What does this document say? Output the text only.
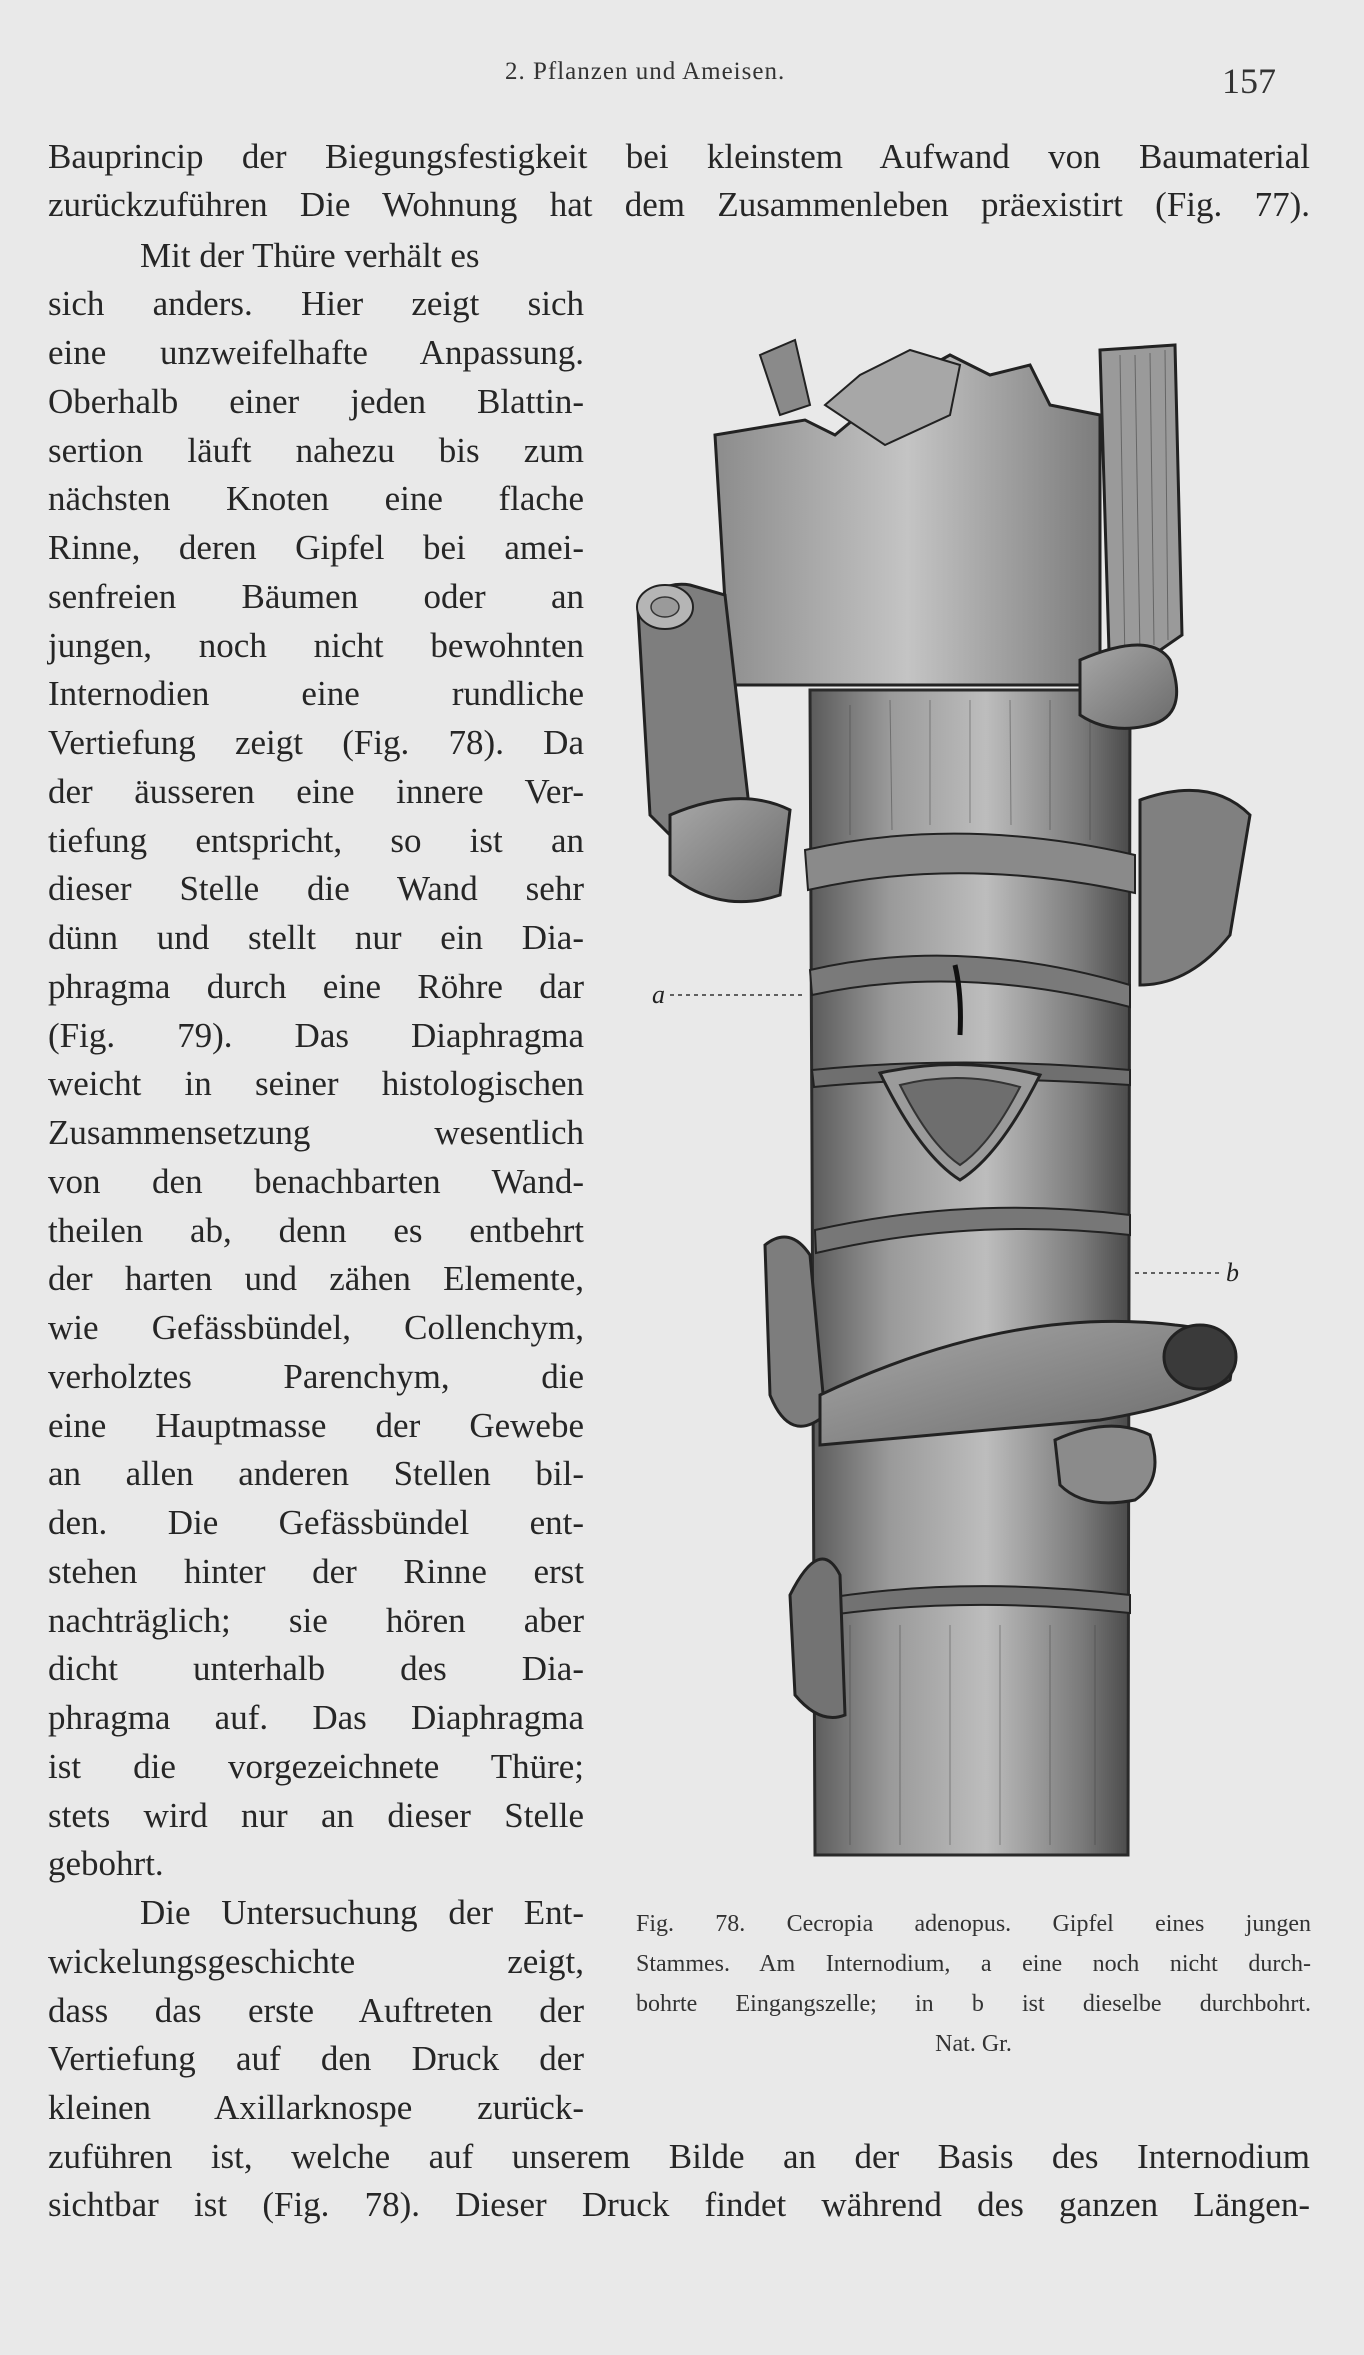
2. Pflanzen und Ameisen.	157
Bauprincip der Biegungsfestigkeit bei kleinstem Aufwand von Baumaterial
zurückzuführen Die Wohnung hat dem Zusammenleben präexistirt (Fig. 77).
Mit der Thüre verhält es
sich anders. Hier zeigt sich
eine unzweifelhafte Anpassung.
Oberhalb einer jeden Blattin-
sertion läuft nahezu bis zum
nächsten Knoten eine flache
Rinne, deren Gipfel bei amei-
senfreien Bäumen oder an
jungen, noch nicht bewohnten
Internodien eine rundliche
Vertiefung zeigt (Fig. 78). Da
der äusseren eine innere Ver-
tiefung entspricht, so ist an
dieser Stelle die Wand sehr
dünn und stellt nur ein Dia-
phragma durch eine Röhre dar
(Fig. 79). Das Diaphragma
weicht in seiner histologischen
Zusammensetzung wesentlich
von den benachbarten Wand-
theilen ab, denn es entbehrt
der harten und zähen Elemente,
wie Gefässbündel, Collenchym,
verholztes Parenchym, die
eine Hauptmasse der Gewebe
an allen anderen Stellen bil-
den. Die Gefässbündel ent-
stehen hinter der Rinne erst
nachträglich; sie hören aber
dicht unterhalb des Dia-
phragma auf. Das Diaphragma
ist die vorgezeichnete Thüre;
stets wird nur an dieser Stelle
gebohrt.
Die Untersuchung der Ent-
wickelungsgeschichte zeigt,
dass das erste Auftreten der
Vertiefung auf den Druck der
kleinen Axillarknospe zurück-
zuführen ist, welche auf unserem Bilde an der Basis des Internodium
sichtbar ist (Fig. 78). Dieser Druck findet während des ganzen Längen-
a
b
Fig. 78. Cecropia adenopus. Gipfel eines jungen
Stammes. Am Internodium, a eine noch nicht durch-
bohrte Eingangszelle; in b ist dieselbe durchbohrt.
Nat. Gr.
